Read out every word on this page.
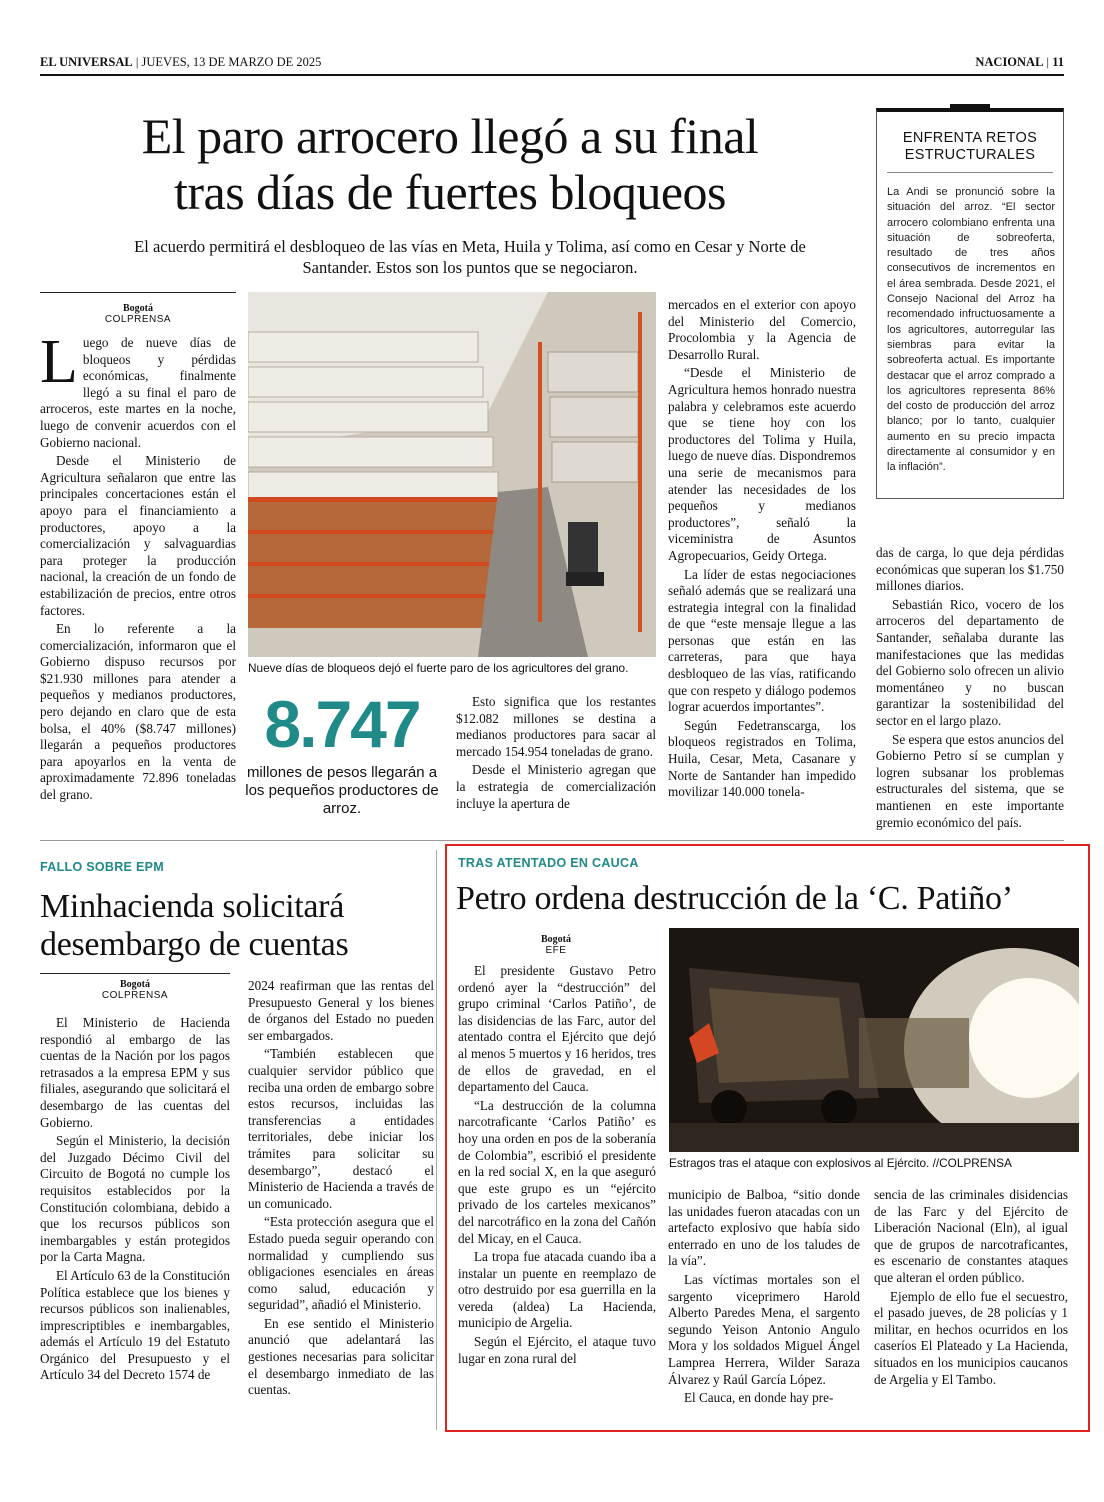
EL UNIVERSAL | JUEVES, 13 DE MARZO DE 2025	NACIONAL | 11
El paro arrocero llegó a su final
tras días de fuertes bloqueos
El acuerdo permitirá el desbloqueo de las vías en Meta, Huila y Tolima, así como en Cesar y Norte de Santander. Estos son los puntos que se negociaron.
ENFRENTA RETOS
ESTRUCTURALES
La Andi se pronunció sobre la situación del arroz. “El sector arrocero colombiano enfrenta una situación de sobreoferta, resultado de tres años consecutivos de incrementos en el área sembrada. Desde 2021, el Consejo Nacional del Arroz ha recomendado infructuosamente a los agricultores, autorregular las siembras para evitar la sobreoferta actual. Es importante destacar que el arroz comprado a los agricultores representa 86% del costo de producción del arroz blanco; por lo tanto, cualquier aumento en su precio impacta directamente al consumidor y en la inflación”.
Bogotá
COLPRENSA

Luego de nueve días de bloqueos y pérdidas económicas, finalmente llegó a su final el paro de arroceros, este martes en la noche, luego de convenir acuerdos con el Gobierno nacional.

Desde el Ministerio de Agricultura señalaron que entre las principales concertaciones están el apoyo para el financiamiento a productores, apoyo a la comercialización y salvaguardias para proteger la producción nacional, la creación de un fondo de estabilización de precios, entre otros factores.

En lo referente a la comercialización, informaron que el Gobierno dispuso recursos por $21.930 millones para atender a pequeños y medianos productores, pero dejando en claro que de esta bolsa, el 40% ($8.747 millones) llegarán a pequeños productores para apoyarlos en la venta de aproximadamente 72.896 toneladas del grano.

Nueve días de bloqueos dejó el fuerte paro de los agricultores del grano.
8.747
millones de pesos llegarán a los pequeños productores de arroz.

Esto significa que los restantes $12.082 millones se destina a medianos productores para sacar al mercado 154.954 toneladas de grano.

Desde el Ministerio agregan que la estrategia de comercialización incluye la apertura de

mercados en el exterior con apoyo del Ministerio del Comercio, Procolombia y la Agencia de Desarrollo Rural.

“Desde el Ministerio de Agricultura hemos honrado nuestra palabra y celebramos este acuerdo que se tiene hoy con los productores del Tolima y Huila, luego de nueve días. Dispondremos una serie de mecanismos para atender las necesidades de los pequeños y medianos productores”, señaló la viceministra de Asuntos Agropecuarios, Geidy Ortega.

La líder de estas negociaciones señaló además que se realizará una estrategia integral con la finalidad de que “este mensaje llegue a las personas que están en las carreteras, para que haya desbloqueo de las vías, ratificando que con respeto y diálogo podemos lograr acuerdos importantes”.

Según Fedetranscarga, los bloqueos registrados en Tolima, Huila, Cesar, Meta, Casanare y Norte de Santander han impedido movilizar 140.000 tonela-

das de carga, lo que deja pérdidas económicas que superan los $1.750 millones diarios.

Sebastián Rico, vocero de los arroceros del departamento de Santander, señalaba durante las manifestaciones que las medidas del Gobierno solo ofrecen un alivio momentáneo y no buscan garantizar la sostenibilidad del sector en el largo plazo.

Se espera que estos anuncios del Gobierno Petro sí se cumplan y logren subsanar los problemas estructurales del sistema, que se mantienen en este importante gremio económico del país.

FALLO SOBRE EPM
Minhacienda solicitará
desembargo de cuentas
Bogotá
COLPRENSA

El Ministerio de Hacienda respondió al embargo de las cuentas de la Nación por los pagos retrasados a la empresa EPM y sus filiales, asegurando que solicitará el desembargo de las cuentas del Gobierno.

Según el Ministerio, la decisión del Juzgado Décimo Civil del Circuito de Bogotá no cumple los requisitos establecidos por la Constitución colombiana, debido a que los recursos públicos son inembargables y están protegidos por la Carta Magna.

El Artículo 63 de la Constitución Política establece que los bienes y recursos públicos son inalienables, imprescriptibles e inembargables, además el Artículo 19 del Estatuto Orgánico del Presupuesto y el Artículo 34 del Decreto 1574 de

2024 reafirman que las rentas del Presupuesto General y los bienes de órganos del Estado no pueden ser embargados.

“También establecen que cualquier servidor público que reciba una orden de embargo sobre estos recursos, incluidas las transferencias a entidades territoriales, debe iniciar los trámites para solicitar su desembargo”, destacó el Ministerio de Hacienda a través de un comunicado.

“Esta protección asegura que el Estado pueda seguir operando con normalidad y cumpliendo sus obligaciones esenciales en áreas como salud, educación y seguridad”, añadió el Ministerio.

En ese sentido el Ministerio anunció que adelantará las gestiones necesarias para solicitar el desembargo inmediato de las cuentas.

TRAS ATENTADO EN CAUCA
Petro ordena destrucción de la ‘C. Patiño’
Bogotá
EFE

El presidente Gustavo Petro ordenó ayer la “destrucción” del grupo criminal ‘Carlos Patiño’, de las disidencias de las Farc, autor del atentado contra el Ejército que dejó al menos 5 muertos y 16 heridos, tres de ellos de gravedad, en el departamento del Cauca.

“La destrucción de la columna narcotraficante ‘Carlos Patiño’ es hoy una orden en pos de la soberanía de Colombia”, escribió el presidente en la red social X, en la que aseguró que este grupo es un “ejército privado de los carteles mexicanos” del narcotráfico en la zona del Cañón del Micay, en el Cauca.

La tropa fue atacada cuando iba a instalar un puente en reemplazo de otro destruido por esa guerrilla en la vereda (aldea) La Hacienda, municipio de Argelia.

Según el Ejército, el ataque tuvo lugar en zona rural del

Estragos tras el ataque con explosivos al Ejército. //COLPRENSA

municipio de Balboa, “sitio donde las unidades fueron atacadas con un artefacto explosivo que había sido enterrado en uno de los taludes de la vía”.

Las víctimas mortales son el sargento viceprimero Harold Alberto Paredes Mena, el sargento segundo Yeison Antonio Angulo Mora y los soldados Miguel Ángel Lamprea Herrera, Wilder Saraza Álvarez y Raúl García López.

El Cauca, en donde hay pre-

sencia de las criminales disidencias de las Farc y del Ejército de Liberación Nacional (Eln), al igual que de grupos de narcotraficantes, es escenario de constantes ataques que alteran el orden público.

Ejemplo de ello fue el secuestro, el pasado jueves, de 28 policías y 1 militar, en hechos ocurridos en los caseríos El Plateado y La Hacienda, situados en los municipios caucanos de Argelia y El Tambo.
